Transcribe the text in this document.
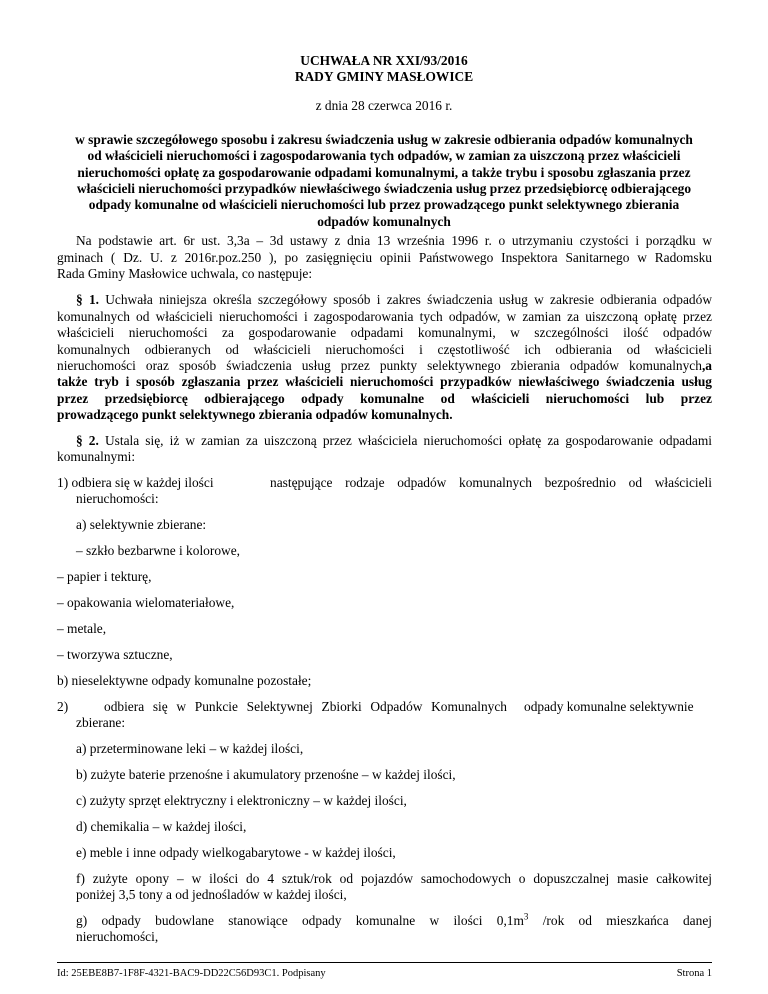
UCHWAŁA NR XXI/93/2016
RADY GMINY MASŁOWICE
z dnia 28 czerwca 2016 r.
w sprawie szczegółowego sposobu i zakresu świadczenia usług w zakresie odbierania odpadów komunalnych
od właścicieli nieruchomości i zagospodarowania tych odpadów, w zamian za uiszczoną przez właścicieli
nieruchomości opłatę za gospodarowanie odpadami komunalnymi, a także trybu i sposobu zgłaszania przez
właścicieli nieruchomości przypadków niewłaściwego świadczenia usług przez przedsiębiorcę odbierającego
odpady komunalne od właścicieli nieruchomości lub przez prowadzącego punkt selektywnego zbierania
odpadów komunalnych
Na podstawie art. 6r ust. 3,3a – 3d ustawy z dnia 13 września 1996 r. o utrzymaniu czystości i porządku w
gminach ( Dz. U. z 2016r.poz.250 ), po zasięgnięciu opinii Państwowego Inspektora Sanitarnego w Radomsku
Rada Gminy Masłowice uchwala, co następuje:
§ 1. Uchwała niniejsza określa szczegółowy sposób i zakres świadczenia usług w zakresie odbierania odpadów
komunalnych od właścicieli nieruchomości i zagospodarowania tych odpadów, w zamian za uiszczoną opłatę przez
właścicieli nieruchomości za gospodarowanie odpadami komunalnymi, w szczególności ilość odpadów
komunalnych odbieranych od właścicieli nieruchomości i częstotliwość ich odbierania od właścicieli
nieruchomości oraz sposób świadczenia usług przez punkty selektywnego zbierania odpadów komunalnych,a
także tryb i sposób zgłaszania przez właścicieli nieruchomości przypadków niewłaściwego świadczenia usług
przez przedsiębiorcę odbierającego odpady komunalne od właścicieli nieruchomości lub przez
prowadzącego punkt selektywnego zbierania odpadów komunalnych.
§ 2. Ustala się, iż w zamian za uiszczoną przez właściciela nieruchomości opłatę za gospodarowanie odpadami
komunalnymi:
1) odbiera się w każdej ilości	następujące rodzaje odpadów komunalnych bezpośrednio od właścicieli
nieruchomości:
a) selektywnie zbierane:
– szkło bezbarwne i kolorowe,
– papier i tekturę,
– opakowania wielomateriałowe,
– metale,
– tworzywa sztuczne,
b) nieselektywne odpady komunalne pozostałe;
2)	odbiera się w Punkcie Selektywnej Zbiorki Odpadów Komunalnych odpady komunalne selektywnie
zbierane:
a) przeterminowane leki – w każdej ilości,
b) zużyte baterie przenośne i akumulatory przenośne – w każdej ilości,
c) zużyty sprzęt elektryczny i elektroniczny – w każdej ilości,
d) chemikalia – w każdej ilości,
e) meble i inne odpady wielkogabarytowe - w każdej ilości,
f) zużyte opony – w ilości do 4 sztuk/rok od pojazdów samochodowych o dopuszczalnej masie całkowitej
poniżej 3,5 tony a od jednośladów w każdej ilości,
g) odpady budowlane stanowiące odpady komunalne w ilości $0,1m^3$ /rok od mieszkańca danej
nieruchomości,
Id: 25EBE8B7-1F8F-4321-BAC9-DD22C56D93C1. Podpisany	Strona 1
